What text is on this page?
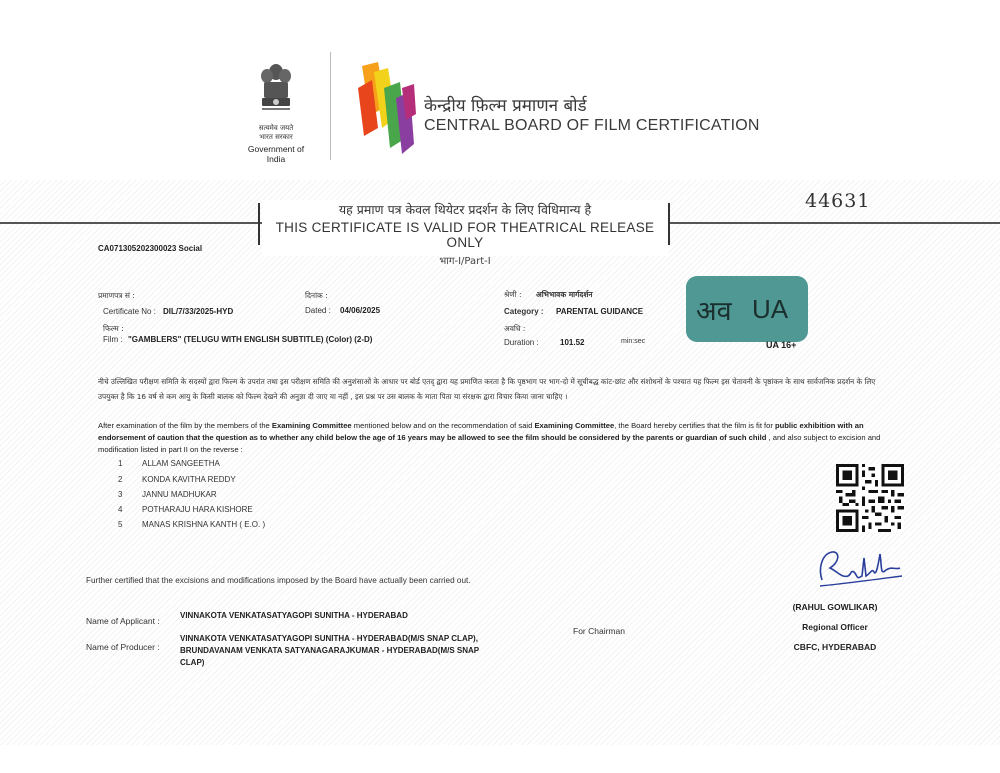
सत्यमेव जयते
भारत सरकार
Government of India
केन्द्रीय फ़िल्म प्रमाणन बोर्ड
CENTRAL BOARD OF FILM CERTIFICATION
यह प्रमाण पत्र केवल थियेटर प्रदर्शन के लिए विधिमान्य है
THIS CERTIFICATE IS VALID FOR THEATRICAL RELEASE ONLY
भाग-I/Part-I
44631
CA071305202300023 Social
प्रमाणपत्र सं :
Certificate No : DIL/7/33/2025-HYD
दिनांक :
Dated : 04/06/2025
फिल्म :
Film : "GAMBLERS" (TELUGU WITH ENGLISH SUBTITLE) (Color) (2-D)
श्रेणी : अभिभावक मार्गदर्शन
Category : PARENTAL GUIDANCE
अवधि :
Duration :	101.52	min:sec
अव UA
UA 16+
नीचे उल्लिखित परीक्षण समिति के सदस्यों द्वारा फिल्म के उपरांत तथा इस परीक्षण समिति की अनुशंसाओं के आधार पर बोर्ड एतद् द्वारा यह प्रमाणित करता है कि पृष्ठभाग पर भाग-दो में सूचीबद्ध कांट-छांट और संशोधनों के पश्चात यह फिल्म इस चेतावनी के पृष्ठांकन के साथ सार्वजनिक प्रदर्शन के लिए उपयुक्त है कि 16 वर्ष से कम आयु के किसी बालक को फिल्म देखने की अनुज्ञा दी जाए या नहीं , इस प्रश्न पर उस बालक के माता पिता या संरक्षक द्वारा विचार किया जाना चाहिए ।
After examination of the film by the members of the Examining Committee mentioned below and on the recommendation of said Examining Committee, the Board hereby certifies that the film is fit for public exhibition with an endorsement of caution that the question as to whether any child below the age of 16 years may be allowed to see the film should be considered by the parents or guardian of such child , and also subject to excision and modification listed in part II on the reverse :
1 ALLAM SANGEETHA
2 KONDA KAVITHA REDDY
3 JANNU MADHUKAR
4 POTHARAJU HARA KISHORE
5 MANAS KRISHNA KANTH ( E.O. )
Further certified that the excisions and modifications imposed by the Board have actually been carried out.
(RAHUL GOWLIKAR)
Regional Officer
CBFC, HYDERABAD
For Chairman
Name of Applicant :
VINNAKOTA VENKATASATYAGOPI SUNITHA - HYDERABAD
Name of Producer :
VINNAKOTA VENKATASATYAGOPI SUNITHA - HYDERABAD(M/S SNAP CLAP),
BRUNDAVANAM VENKATA SATYANAGARAJKUMAR - HYDERABAD(M/S SNAP
CLAP)
